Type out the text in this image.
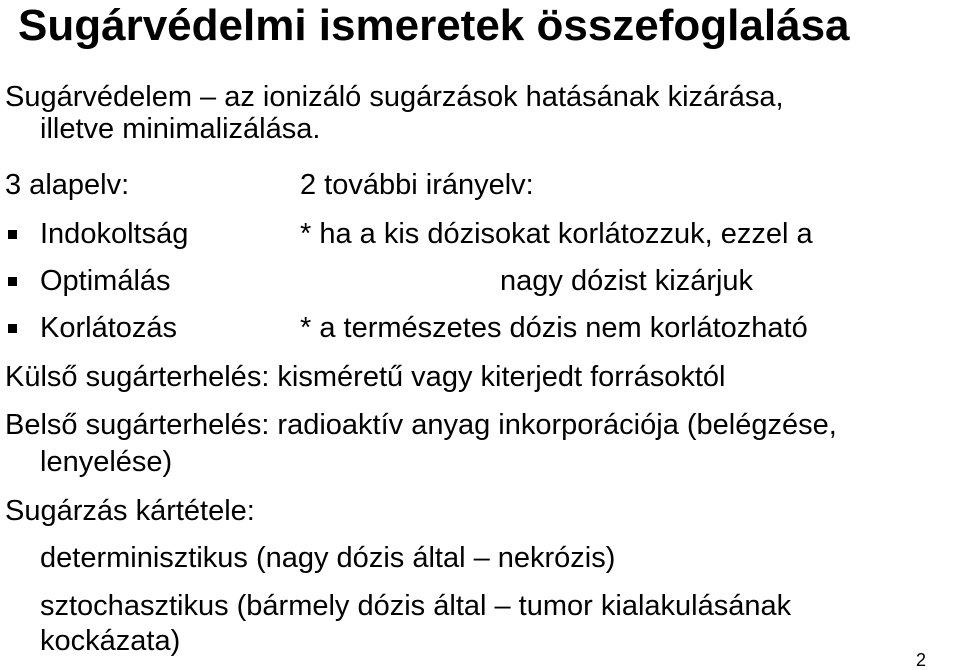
Sugárvédelmi ismeretek összefoglalása
Sugárvédelem – az ionizáló sugárzások hatásának kizárása,
illetve minimalizálása.
3 alapelv:	2 további irányelv:
Indokoltság	* ha a kis dózisokat korlátozzuk, ezzel a
Optimálás	nagy dózist kizárjuk
Korlátozás	* a természetes dózis nem korlátozható
Külső sugárterhelés: kisméretű vagy kiterjedt forrásoktól
Belső sugárterhelés: radioaktív anyag inkorporációja (belégzése,
lenyelése)
Sugárzás kártétele:
determinisztikus (nagy dózis által – nekrózis)
sztochasztikus (bármely dózis által – tumor kialakulásának
kockázata)
2
